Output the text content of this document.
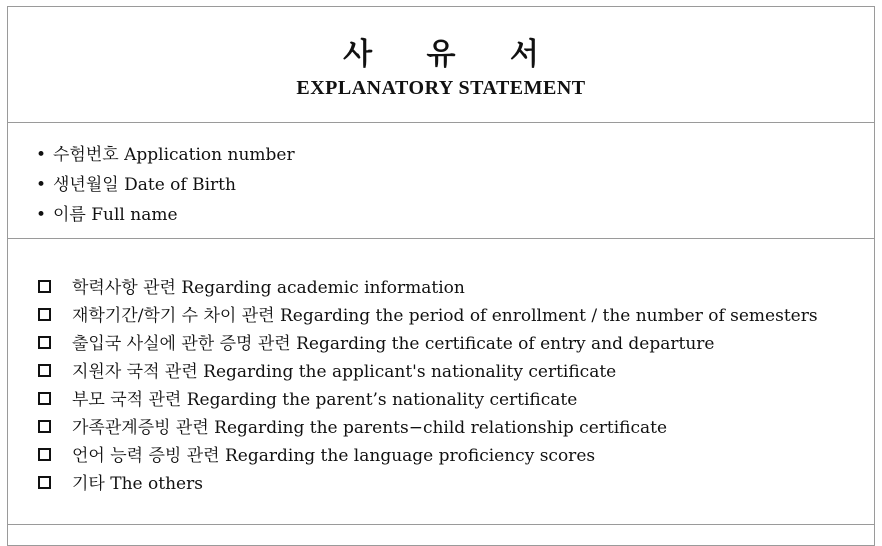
사 유 서
EXPLANATORY STATEMENT
• 수험번호 Application number
• 생년월일 Date of Birth
• 이름 Full name
학력사항 관련 Regarding academic information
재학기간/학기 수 차이 관련 Regarding the period of enrollment / the number of semesters
출입국 사실에 관한 증명 관련 Regarding the certificate of entry and departure
지원자 국적 관련 Regarding the applicant's nationality certificate
부모 국적 관련 Regarding the parent’s nationality certificate
가족관계증빙 관련 Regarding the parents−child relationship certificate
언어 능력 증빙 관련 Regarding the language proficiency scores
기타 The others
